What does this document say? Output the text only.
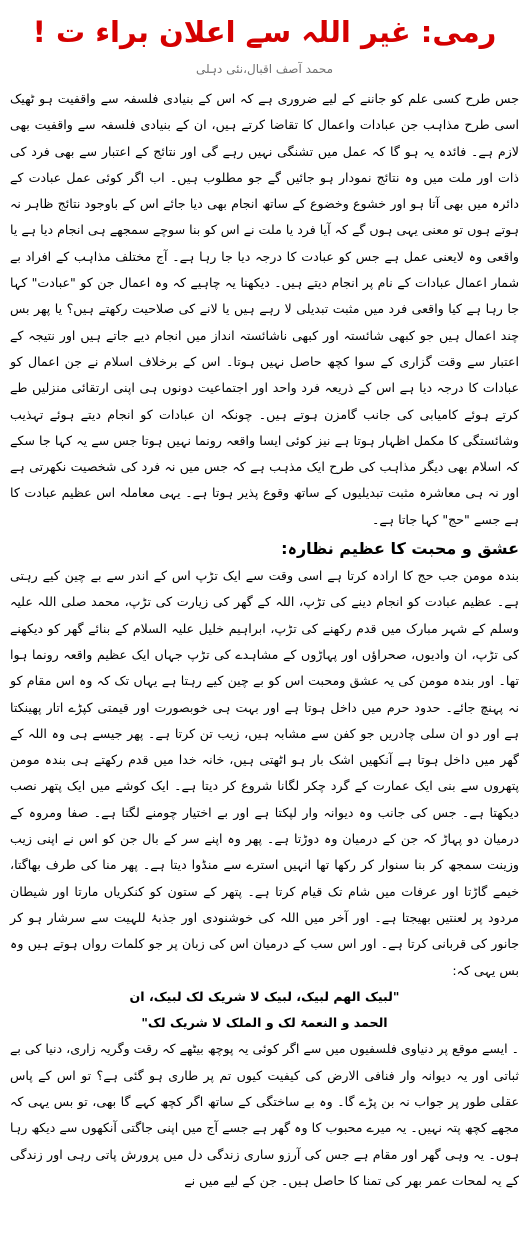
رمی: غیر اللہ سے اعلان براء ت !

محمد آصف اقبال،نئی دہلی

جس طرح کسی علم کو جاننے کے لیے ضروری ہے کہ اس کے بنیادی فلسفہ سے واقفیت ہو ٹھیک اسی طرح مذاہب جن عبادات واعمال کا تقاضا کرتے ہیں، ان کے بنیادی فلسفہ سے واقفیت بھی لازم ہے۔ فائدہ یہ ہو گا کہ عمل میں تشنگی نہیں رہے گی اور نتائج کے اعتبار سے بھی فرد کی ذات اور ملت میں وہ نتائج نمودار ہو جائیں گے جو مطلوب ہیں۔ اب اگر کوئی عمل عبادت کے دائرہ میں بھی آتا ہو اور خشوع وخضوع کے ساتھ انجام بھی دیا جائے اس کے باوجود نتائج ظاہر نہ ہوتے ہوں تو معنی یہی ہوں گے کہ آیا فرد یا ملت نے اس کو بنا سوچے سمجھے ہی انجام دیا ہے یا واقعی وہ لایعنی عمل ہے جس کو عبادت کا درجہ دیا جا رہا ہے۔ آج مختلف مذاہب کے افراد بے شمار اعمال عبادات کے نام پر انجام دیتے ہیں۔ دیکھنا یہ چاہیے کہ وہ اعمال جن کو "عبادت" کہا جا رہا ہے کیا واقعی فرد میں مثبت تبدیلی لا رہے ہیں یا لانے کی صلاحیت رکھتے ہیں؟ یا پھر بس چند اعمال ہیں جو کبھی شائستہ اور کبھی ناشائستہ انداز میں انجام دیے جاتے ہیں اور نتیجہ کے اعتبار سے وقت گزاری کے سوا کچھ حاصل نہیں ہوتا۔ اس کے برخلاف اسلام نے جن اعمال کو عبادات کا درجہ دیا ہے اس کے ذریعہ فرد واحد اور اجتماعیت دونوں ہی اپنی ارتقائی منزلیں طے کرتے ہوئے کامیابی کی جانب گامزن ہوتے ہیں۔ چونکہ ان عبادات کو انجام دیتے ہوئے تہذیب وشائستگی کا مکمل اظہار ہوتا ہے نیز کوئی ایسا واقعہ رونما نہیں ہوتا جس سے یہ کہا جا سکے کہ اسلام بھی دیگر مذاہب کی طرح ایک مذہب ہے کہ جس میں نہ فرد کی شخصیت نکھرتی ہے اور نہ ہی معاشرہ مثبت تبدیلیوں کے ساتھ وقوع پذیر ہوتا ہے۔ یہی معاملہ اس عظیم عبادت کا ہے جسے "حج" کہا جاتا ہے۔

عشق و محبت کا عظیم نظارہ:

بندہ مومن جب حج کا ارادہ کرتا ہے اسی وقت سے ایک تڑپ اس کے اندر سے بے چین کیے رہتی ہے۔ عظیم عبادت کو انجام دینے کی تڑپ، اللہ کے گھر کی زیارت کی تڑپ، محمد صلی اللہ علیہ وسلم کے شہر مبارک میں قدم رکھنے کی تڑپ، ابراہیم خلیل علیہ السلام کے بنائے گھر کو دیکھنے کی تڑپ، ان وادیوں، صحراؤں اور پہاڑوں کے مشاہدے کی تڑپ جہاں ایک عظیم واقعہ رونما ہوا تھا۔ اور بندہ مومن کی یہ عشق ومحبت اس کو بے چین کیے رہتا ہے یہاں تک کہ وہ اس مقام کو نہ پہنچ جائے۔ حدود حرم میں داخل ہوتا ہے اور بہت ہی خوبصورت اور قیمتی کپڑے اتار پھینکتا ہے اور دو ان سلی چادریں جو کفن سے مشابہ ہیں، زیب تن کرتا ہے۔ پھر جیسے ہی وہ اللہ کے گھر میں داخل ہوتا ہے آنکھیں اشک بار ہو اٹھتی ہیں، خانہ خدا میں قدم رکھتے ہی بندہ مومن پتھروں سے بنی ایک عمارت کے گرد چکر لگانا شروع کر دیتا ہے۔ ایک کوشے میں ایک پتھر نصب دیکھتا ہے۔ جس کی جانب وہ دیوانہ وار لپکتا ہے اور بے اختیار چومنے لگتا ہے۔ صفا ومروہ کے درمیان دو پہاڑ کہ جن کے درمیان وہ دوڑتا ہے۔ پھر وہ اپنے سر کے بال جن کو اس نے اپنی زیب وزینت سمجھ کر بنا سنوار کر رکھا تھا انہیں استرے سے منڈوا دیتا ہے۔ پھر منا کی طرف بھاگتا، خیمے گاڑتا اور عرفات میں شام تک قیام کرتا ہے۔ پتھر کے ستون کو کنکریاں مارتا اور شیطان مردود پر لعنتیں بھیجتا ہے۔ اور آخر میں اللہ کی خوشنودی اور جذبۂ للہیت سے سرشار ہو کر جانور کی قربانی کرتا ہے۔ اور اس سب کے درمیان اس کی زبان پر جو کلمات رواں ہوتے ہیں وہ بس یہی کہ:

"لبیک الھم لبیک، لبیک لا شریک لک لبیک، ان
الحمد و النعمۃ لک و الملک لا شریک لک"

۔ ایسے موقع پر دنیاوی فلسفیوں میں سے اگر کوئی یہ پوچھ بیٹھے کہ رقت وگریہ زاری، دنیا کی بے ثباتی اور یہ دیوانہ وار فنافی الارض کی کیفیت کیوں تم پر طاری ہو گئی ہے؟ تو اس کے پاس عقلی طور پر جواب نہ بن پڑے گا۔ وہ بے ساختگی کے ساتھ اگر کچھ کہے گا بھی، تو بس یہی کہ مجھے کچھ پتہ نہیں۔ یہ میرے محبوب کا وہ گھر ہے جسے آج میں اپنی جاگتی آنکھوں سے دیکھ رہا ہوں۔ یہ وہی گھر اور مقام ہے جس کی آرزو ساری زندگی دل میں پرورش پاتی رہی اور زندگی کے یہ لمحات عمر بھر کی تمنا کا حاصل ہیں۔ جن کے لیے میں نے
